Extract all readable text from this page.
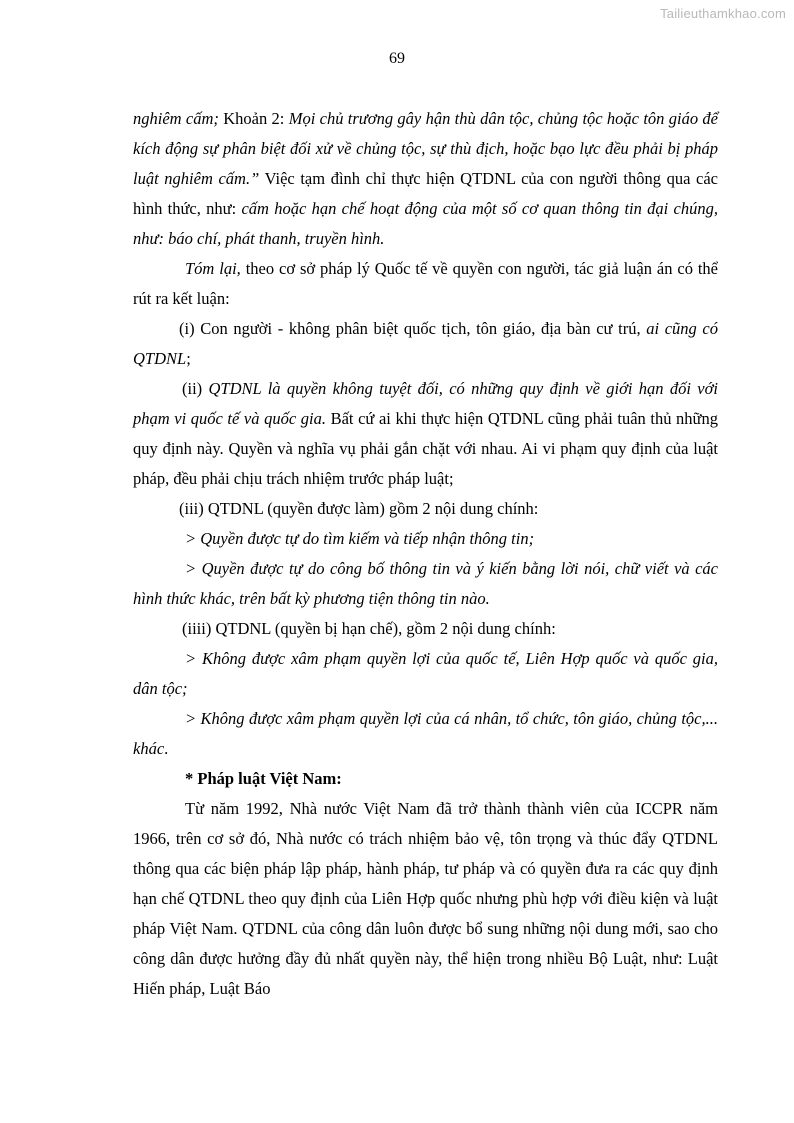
Tailieuthamkhao.com
69

nghiêm cấm; Khoản 2: Mọi chủ trương gây hận thù dân tộc, chủng tộc hoặc tôn giáo để kích động sự phân biệt đối xử về chủng tộc, sự thù địch, hoặc bạo lực đều phải bị pháp luật nghiêm cấm.” Việc tạm đình chỉ thực hiện QTDNL của con người thông qua các hình thức, như: cấm hoặc hạn chế hoạt động của một số cơ quan thông tin đại chúng, như: báo chí, phát thanh, truyền hình.

Tóm lại, theo cơ sở pháp lý Quốc tế về quyền con người, tác giả luận án có thể rút ra kết luận:

(i) Con người - không phân biệt quốc tịch, tôn giáo, địa bàn cư trú, ai cũng có QTDNL;

(ii) QTDNL là quyền không tuyệt đối, có những quy định về giới hạn đối với phạm vi quốc tế và quốc gia. Bất cứ ai khi thực hiện QTDNL cũng phải tuân thủ những quy định này. Quyền và nghĩa vụ phải gắn chặt với nhau. Ai vi phạm quy định của luật pháp, đều phải chịu trách nhiệm trước pháp luật;

(iii) QTDNL (quyền được làm) gồm 2 nội dung chính:

> Quyền được tự do tìm kiếm và tiếp nhận thông tin;

> Quyền được tự do công bố thông tin và ý kiến bằng lời nói, chữ viết và các hình thức khác, trên bất kỳ phương tiện thông tin nào.

(iiii) QTDNL (quyền bị hạn chế), gồm 2 nội dung chính:

> Không được xâm phạm quyền lợi của quốc tế, Liên Hợp quốc và quốc gia, dân tộc;

> Không được xâm phạm quyền lợi của cá nhân, tổ chức, tôn giáo, chủng tộc,... khác.

* Pháp luật Việt Nam:

Từ năm 1992, Nhà nước Việt Nam đã trở thành thành viên của ICCPR năm 1966, trên cơ sở đó, Nhà nước có trách nhiệm bảo vệ, tôn trọng và thúc đẩy QTDNL thông qua các biện pháp lập pháp, hành pháp, tư pháp và có quyền đưa ra các quy định hạn chế QTDNL theo quy định của Liên Hợp quốc nhưng phù hợp với điều kiện và luật pháp Việt Nam. QTDNL của công dân luôn được bổ sung những nội dung mới, sao cho công dân được hưởng đầy đủ nhất quyền này, thể hiện trong nhiều Bộ Luật, như: Luật Hiến pháp, Luật Báo
